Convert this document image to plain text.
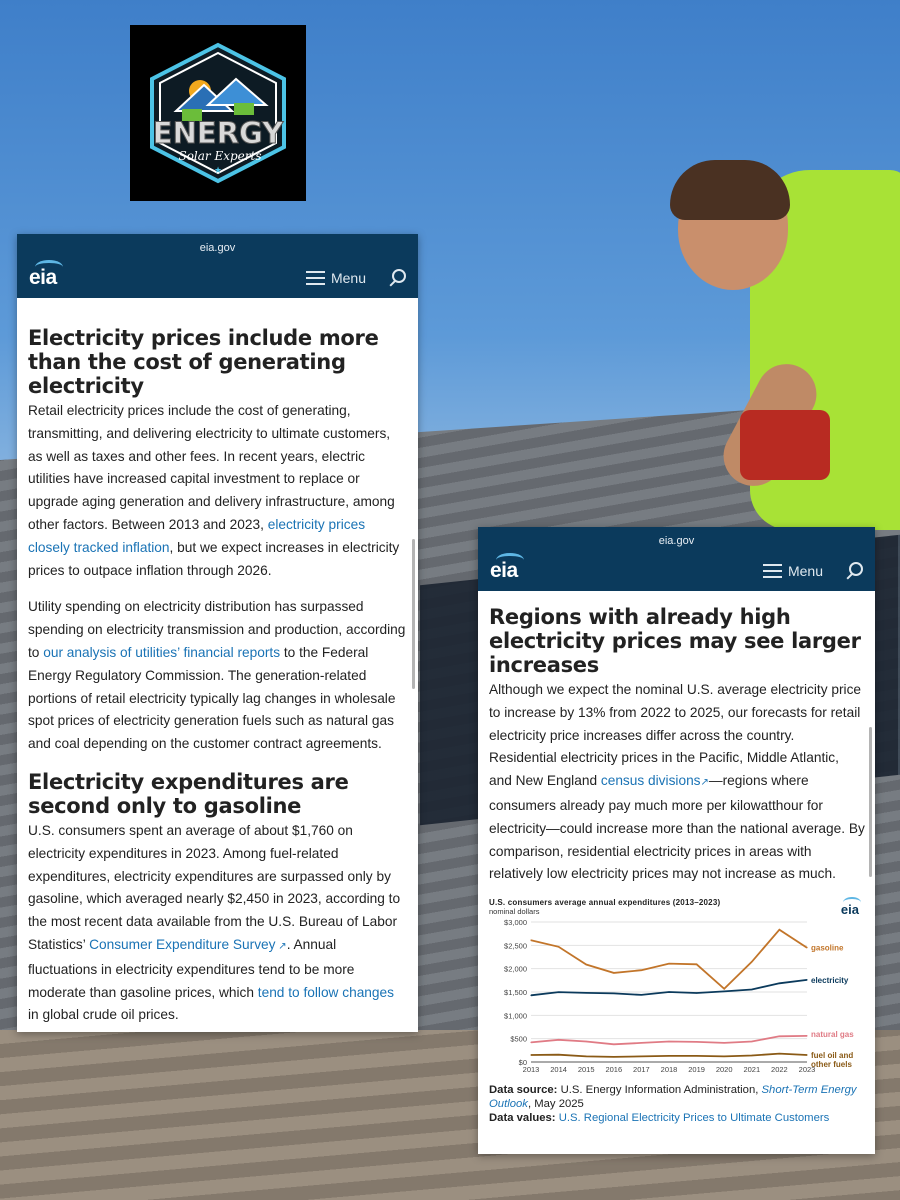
ENERGY
Solar Experts
★
eia.gov
eia	Menu
Electricity prices include more than the cost of generating electricity

Retail electricity prices include the cost of generating, transmitting, and delivering electricity to ultimate customers, as well as taxes and other fees. In recent years, electric utilities have increased capital investment to replace or upgrade aging generation and delivery infrastructure, among other factors. Between 2013 and 2023, electricity prices closely tracked inflation, but we expect increases in electricity prices to outpace inflation through 2026.

Utility spending on electricity distribution has surpassed spending on electricity transmission and production, according to our analysis of utilities’ financial reports to the Federal Energy Regulatory Commission. The generation-related portions of retail electricity typically lag changes in wholesale spot prices of electricity generation fuels such as natural gas and coal depending on the customer contract agreements.

Electricity expenditures are second only to gasoline

U.S. consumers spent an average of about $1,760 on electricity expenditures in 2023. Among fuel-related expenditures, electricity expenditures are surpassed only by gasoline, which averaged nearly $2,450 in 2023, according to the most recent data available from the U.S. Bureau of Labor Statistics’ Consumer Expenditure Survey ↗. Annual fluctuations in electricity expenditures tend to be more moderate than gasoline prices, which tend to follow changes in global crude oil prices.

eia.gov
eia	Menu
Regions with already high electricity prices may see larger increases

Although we expect the nominal U.S. average electricity price to increase by 13% from 2022 to 2025, our forecasts for retail electricity price increases differ across the country. Residential electricity prices in the Pacific, Middle Atlantic, and New England census divisions↗—regions where consumers already pay much more per kilowatthour for electricity—could increase more than the national average. By comparison, residential electricity prices in areas with relatively low electricity prices may not increase as much.

U.S. consumers average annual expenditures (2013–2023)
nominal dollars	eia
$0
$500
$1,000
$1,500
$2,000
$2,500
$3,000
2013 2014 2015 2016 2017 2018 2019 2020 2021 2022 2023
gasoline
electricity
natural gas
fuel oil and
other fuels
Data source: U.S. Energy Information Administration, Short-Term Energy Outlook, May 2025
Data values: U.S. Regional Electricity Prices to Ultimate Customers
